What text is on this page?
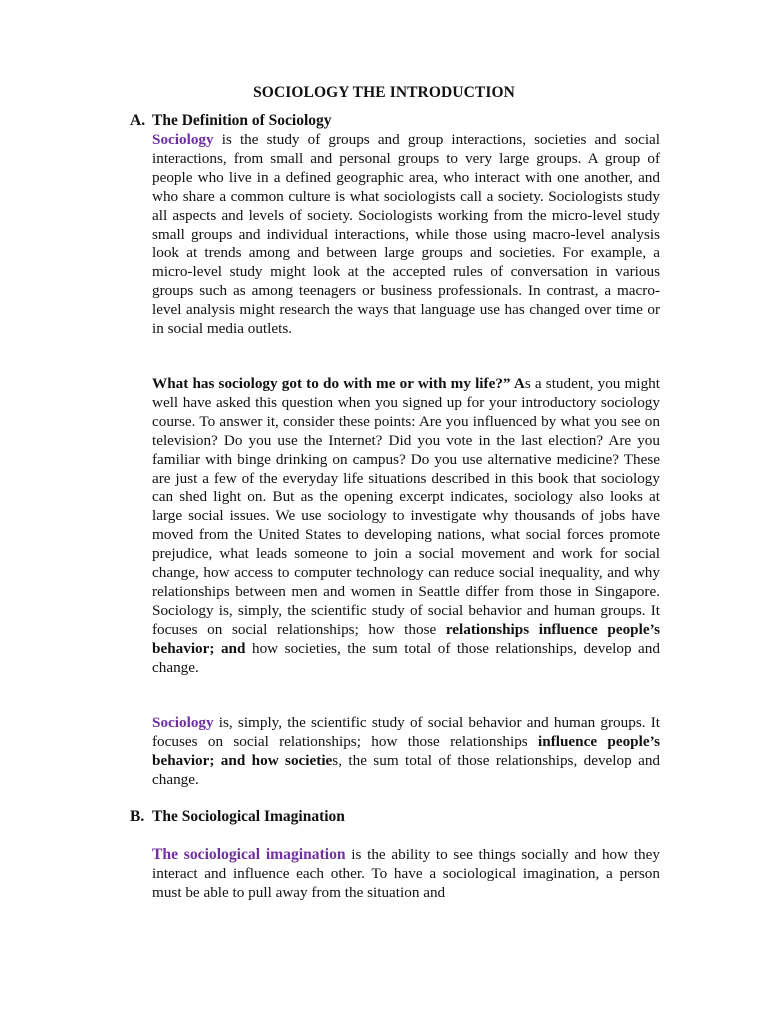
SOCIOLOGY THE INTRODUCTION
A. The Definition of Sociology

Sociology is the study of groups and group interactions, societies and social interactions, from small and personal groups to very large groups. A group of people who live in a defined geographic area, who interact with one another, and who share a common culture is what sociologists call a society. Sociologists study all aspects and levels of society. Sociologists working from the micro-level study small groups and individual interactions, while those using macro-level analysis look at trends among and between large groups and societies. For example, a micro-level study might look at the accepted rules of conversation in various groups such as among teenagers or business professionals. In contrast, a macro-level analysis might research the ways that language use has changed over time or in social media outlets.

What has sociology got to do with me or with my life?” As a student, you might well have asked this question when you signed up for your introductory sociology course. To answer it, consider these points: Are you influenced by what you see on television? Do you use the Internet? Did you vote in the last election? Are you familiar with binge drinking on campus? Do you use alternative medicine? These are just a few of the everyday life situations described in this book that sociology can shed light on. But as the opening excerpt indicates, sociology also looks at large social issues. We use sociology to investigate why thousands of jobs have moved from the United States to developing nations, what social forces promote prejudice, what leads someone to join a social movement and work for social change, how access to computer technology can reduce social inequality, and why relationships between men and women in Seattle differ from those in Singapore. Sociology is, simply, the scientific study of social behavior and human groups. It focuses on social relationships; how those relationships influence people’s behavior; and how societies, the sum total of those relationships, develop and change.

Sociology is, simply, the scientific study of social behavior and human groups. It focuses on social relationships; how those relationships influence people’s behavior; and how societies, the sum total of those relationships, develop and change.

B. The Sociological Imagination

The sociological imagination is the ability to see things socially and how they interact and influence each other. To have a sociological imagination, a person must be able to pull away from the situation and
